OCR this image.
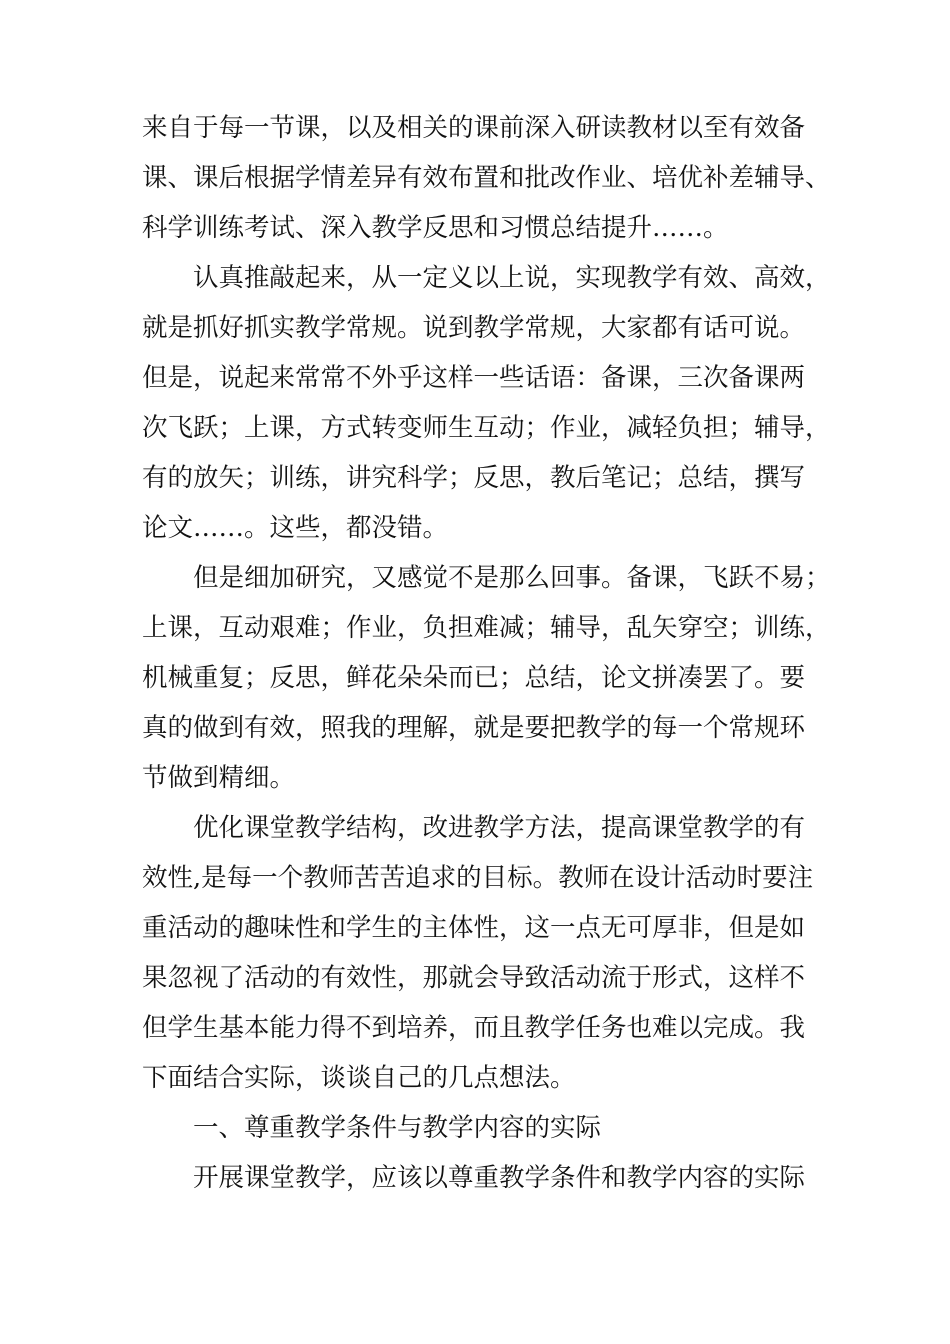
来自于每一节课，以及相关的课前深入研读教材以至有效备
课、课后根据学情差异有效布置和批改作业、培优补差辅导、
科学训练考试、深入教学反思和习惯总结提升……。
认真推敲起来，从一定义以上说，实现教学有效、高效，
就是抓好抓实教学常规。说到教学常规，大家都有话可说。
但是，说起来常常不外乎这样一些话语：备课，三次备课两
次飞跃；上课，方式转变师生互动；作业，减轻负担；辅导，
有的放矢；训练，讲究科学；反思，教后笔记；总结，撰写
论文……。这些，都没错。
但是细加研究，又感觉不是那么回事。备课，飞跃不易；
上课，互动艰难；作业，负担难减；辅导，乱矢穿空；训练，
机械重复；反思，鲜花朵朵而已；总结，论文拼凑罢了。要
真的做到有效，照我的理解，就是要把教学的每一个常规环
节做到精细。
优化课堂教学结构，改进教学方法，提高课堂教学的有
效性,是每一个教师苦苦追求的目标。教师在设计活动时要注
重活动的趣味性和学生的主体性，这一点无可厚非，但是如
果忽视了活动的有效性，那就会导致活动流于形式，这样不
但学生基本能力得不到培养，而且教学任务也难以完成。我
下面结合实际，谈谈自己的几点想法。
一、尊重教学条件与教学内容的实际
开展课堂教学，应该以尊重教学条件和教学内容的实际
